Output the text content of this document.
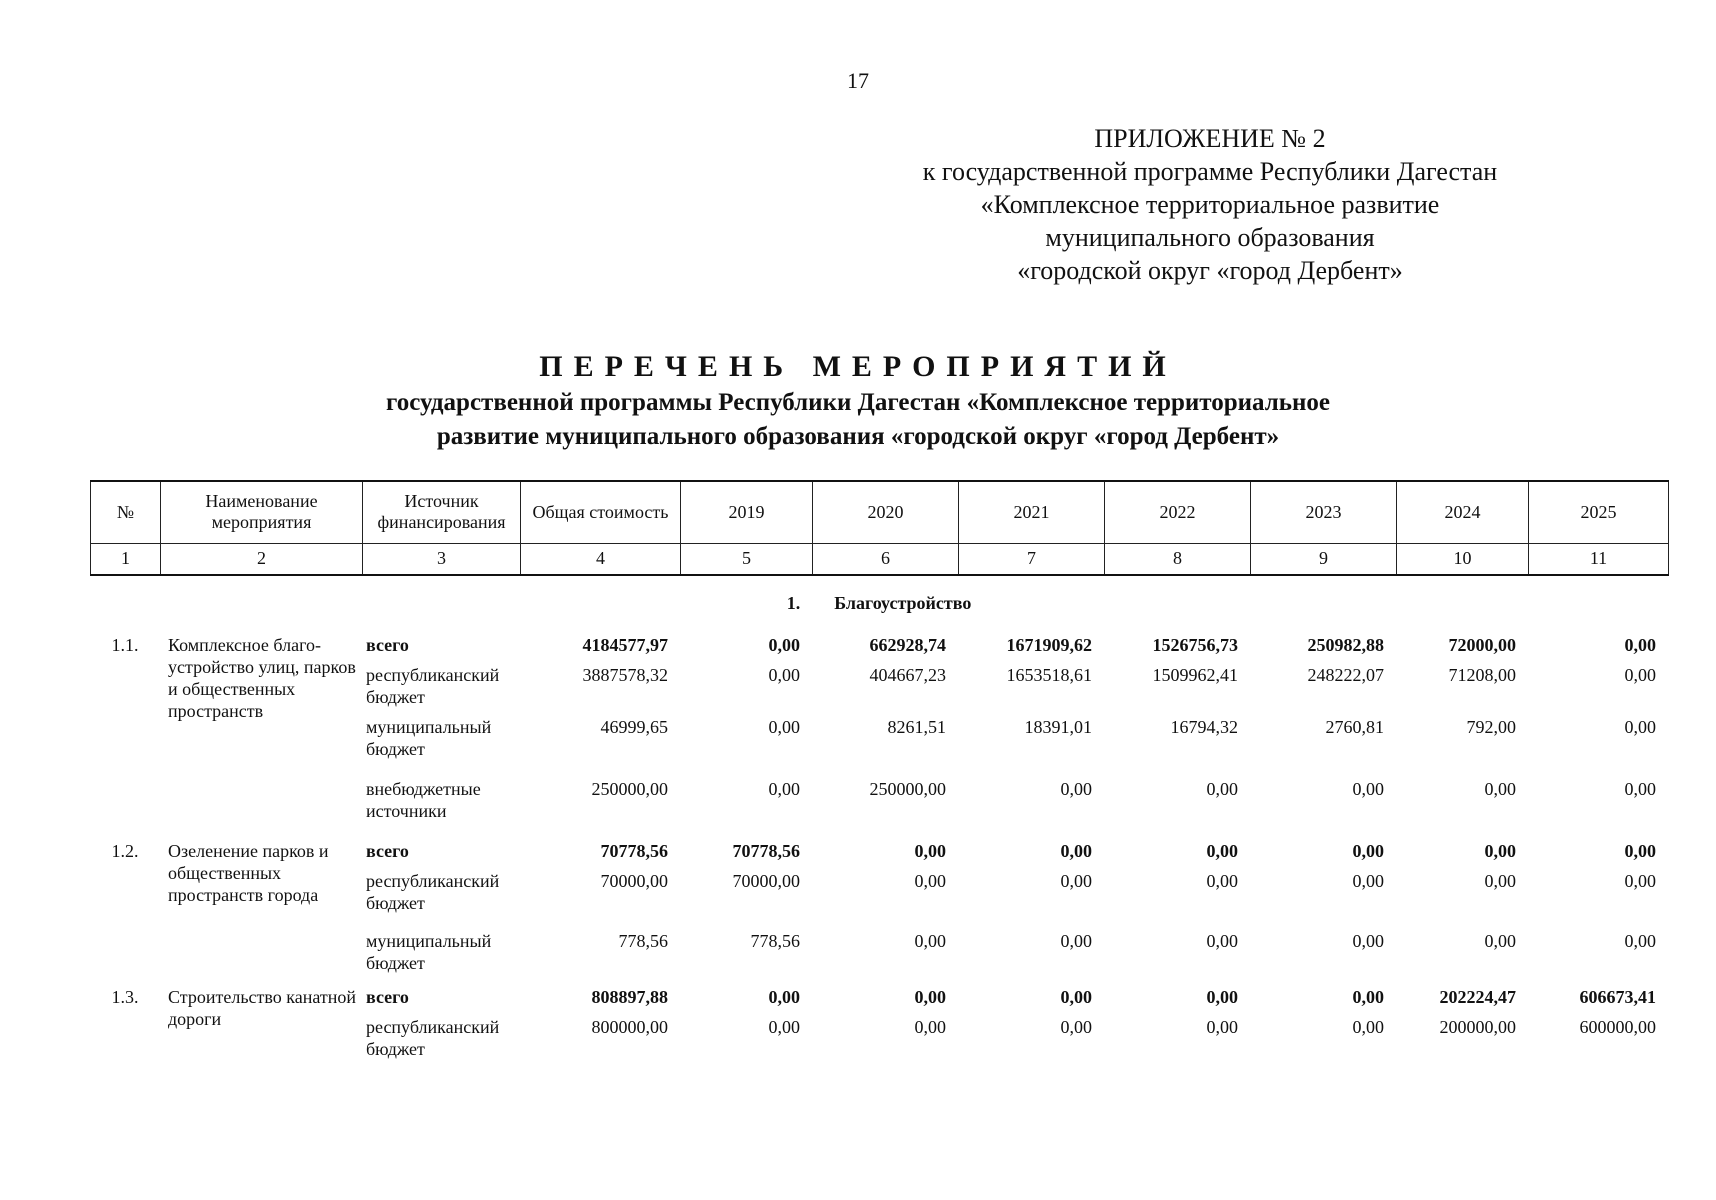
17
ПРИЛОЖЕНИЕ № 2
к государственной программе Республики Дагестан
«Комплексное территориальное развитие
муниципального образования
«городской округ «город Дербент»
ПЕРЕЧЕНЬ МЕРОПРИЯТИЙ
государственной программы Республики Дагестан «Комплексное территориальное
развитие муниципального образования «городской округ «город Дербент»
№	Наименование мероприятия	Источник финансирования	Общая стоимость	2019	2020	2021	2022	2023	2024	2025
1	2	3	4	5	6	7	8	9	10	11
1. Благоустройство										
1.1.	Комплексное благо-устройство улиц, парков и общественных пространств	всего	4184577,97	0,00	662928,74	1671909,62	1526756,73	250982,88	72000,00	0,00
		республиканский бюджет	3887578,32	0,00	404667,23	1653518,61	1509962,41	248222,07	71208,00	0,00
		муниципальный бюджет	46999,65	0,00	8261,51	18391,01	16794,32	2760,81	792,00	0,00
		внебюджетные источники	250000,00	0,00	250000,00	0,00	0,00	0,00	0,00	0,00
1.2.	Озеленение парков и общественных пространств города	всего	70778,56	70778,56	0,00	0,00	0,00	0,00	0,00	0,00
		республиканский бюджет	70000,00	70000,00	0,00	0,00	0,00	0,00	0,00	0,00
		муниципальный бюджет	778,56	778,56	0,00	0,00	0,00	0,00	0,00	0,00
1.3.	Строительство канатной дороги	всего	808897,88	0,00	0,00	0,00	0,00	0,00	202224,47	606673,41
		республиканский бюджет	800000,00	0,00	0,00	0,00	0,00	0,00	200000,00	600000,00
